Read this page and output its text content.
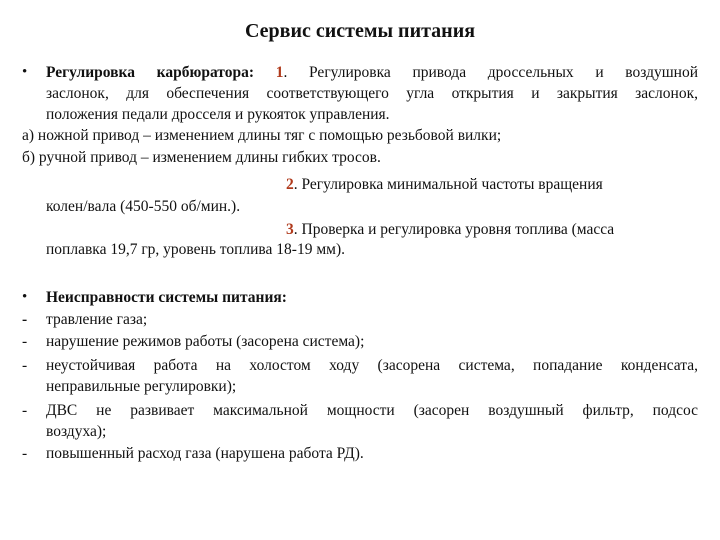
Сервис системы питания
• Регулировка карбюратора: 1. Регулировка привода дроссельных и воздушной
заслонок, для обеспечения соответствующего угла открытия и закрытия заслонок,
положения педали дросселя и рукояток управления.
а) ножной привод – изменением длины тяг с помощью резьбовой вилки;
б) ручной привод – изменением длины гибких тросов.
2. Регулировка минимальной частоты вращения
колен/вала (450-550 об/мин.).
3. Проверка и регулировка уровня топлива (масса
поплавка 19,7 гр, уровень топлива 18-19 мм).
• Неисправности системы питания:
- травление газа;
- нарушение режимов работы (засорена система);
- неустойчивая работа на холостом ходу (засорена система, попадание конденсата,
неправильные регулировки);
- ДВС не развивает максимальной мощности (засорен воздушный фильтр, подсос
воздуха);
- повышенный расход газа (нарушена работа РД).
